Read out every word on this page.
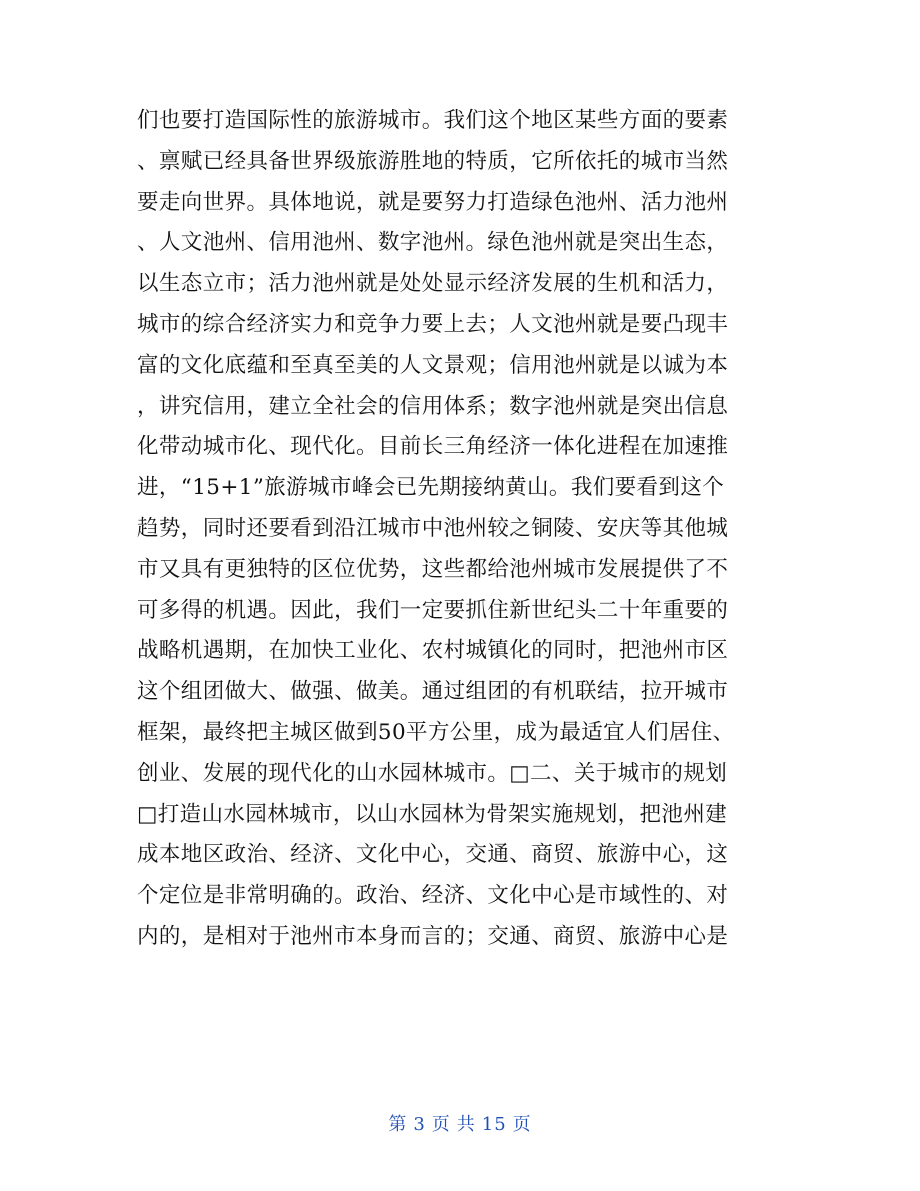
们也要打造国际性的旅游城市。我们这个地区某些方面的要素
、禀赋已经具备世界级旅游胜地的特质，它所依托的城市当然
要走向世界。具体地说，就是要努力打造绿色池州、活力池州
、人文池州、信用池州、数字池州。绿色池州就是突出生态，
以生态立市；活力池州就是处处显示经济发展的生机和活力，
城市的综合经济实力和竞争力要上去；人文池州就是要凸现丰
富的文化底蕴和至真至美的人文景观；信用池州就是以诚为本
，讲究信用，建立全社会的信用体系；数字池州就是突出信息
化带动城市化、现代化。目前长三角经济一体化进程在加速推
进，“15+1”旅游城市峰会已先期接纳黄山。我们要看到这个
趋势，同时还要看到沿江城市中池州较之铜陵、安庆等其他城
市又具有更独特的区位优势，这些都给池州城市发展提供了不
可多得的机遇。因此，我们一定要抓住新世纪头二十年重要的
战略机遇期，在加快工业化、农村城镇化的同时，把池州市区
这个组团做大、做强、做美。通过组团的有机联结，拉开城市
框架，最终把主城区做到50平方公里，成为最适宜人们居住、
创业、发展的现代化的山水园林城市。□二、关于城市的规划
□打造山水园林城市，以山水园林为骨架实施规划，把池州建
成本地区政治、经济、文化中心，交通、商贸、旅游中心，这
个定位是非常明确的。政治、经济、文化中心是市域性的、对
内的，是相对于池州市本身而言的；交通、商贸、旅游中心是
第 3 页 共 15 页
